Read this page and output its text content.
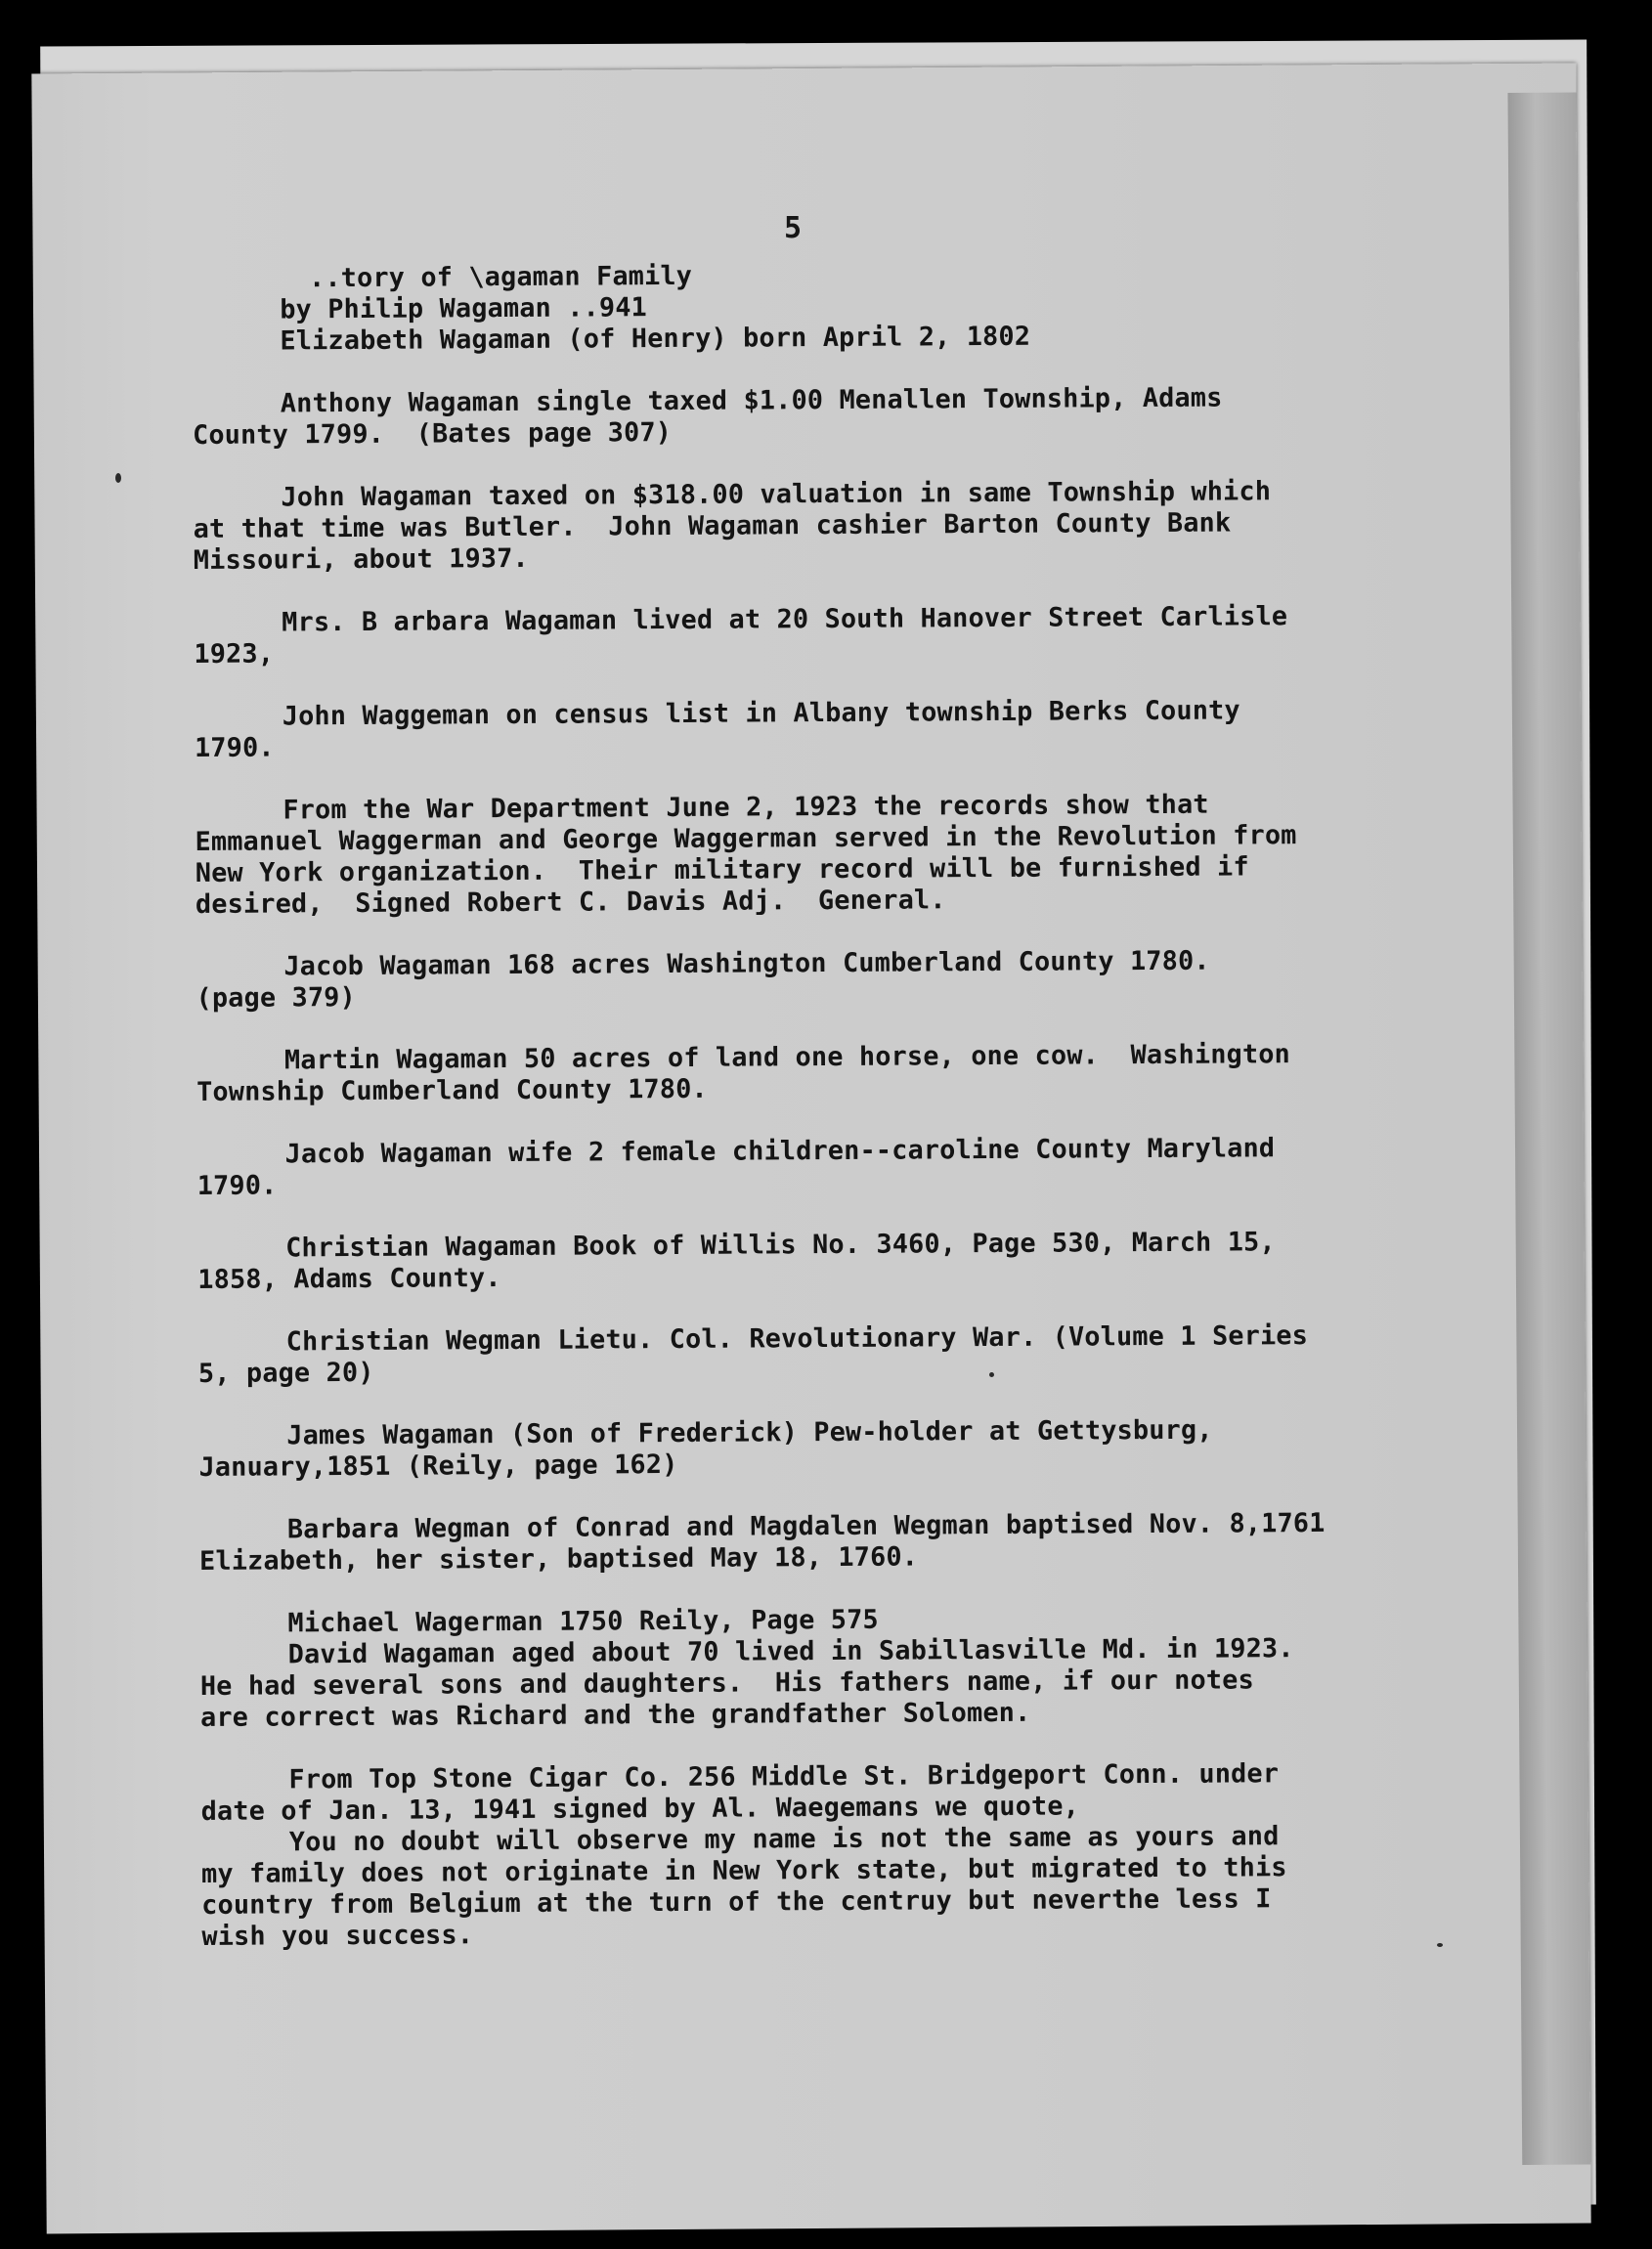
5

..tory of \agaman Family

by Philip Wagaman ..941

Elizabeth Wagaman (of Henry) born April 2, 1802

Anthony Wagaman single taxed $1.00 Menallen Township, Adams

County 1799.  (Bates page 307)

John Wagaman taxed on $318.00 valuation in same Township which

at that time was Butler.  John Wagaman cashier Barton County Bank

Missouri, about 1937.

Mrs. B arbara Wagaman lived at 20 South Hanover Street Carlisle

1923,

John Waggeman on census list in Albany township Berks County

1790.

From the War Department June 2, 1923 the records show that

Emmanuel Waggerman and George Waggerman served in the Revolution from

New York organization.  Their military record will be furnished if

desired,  Signed Robert C. Davis Adj.  General.

Jacob Wagaman 168 acres Washington Cumberland County 1780.

(page 379)

Martin Wagaman 50 acres of land one horse, one cow.  Washington

Township Cumberland County 1780.

Jacob Wagaman wife 2 female children--caroline County Maryland

1790.

Christian Wagaman Book of Willis No. 3460, Page 530, March 15,

1858, Adams County.

Christian Wegman Lietu. Col. Revolutionary War. (Volume 1 Series

5, page 20)

James Wagaman (Son of Frederick) Pew-holder at Gettysburg,

January,1851 (Reily, page 162)

Barbara Wegman of Conrad and Magdalen Wegman baptised Nov. 8,1761

Elizabeth, her sister, baptised May 18, 1760.

Michael Wagerman 1750 Reily, Page 575

David Wagaman aged about 70 lived in Sabillasville Md. in 1923.

He had several sons and daughters.  His fathers name, if our notes

are correct was Richard and the grandfather Solomen.

From Top Stone Cigar Co. 256 Middle St. Bridgeport Conn. under

date of Jan. 13, 1941 signed by Al. Waegemans we quote,

You no doubt will observe my name is not the same as yours and

my family does not originate in New York state, but migrated to this

country from Belgium at the turn of the centruy but neverthe less I

wish you success.
